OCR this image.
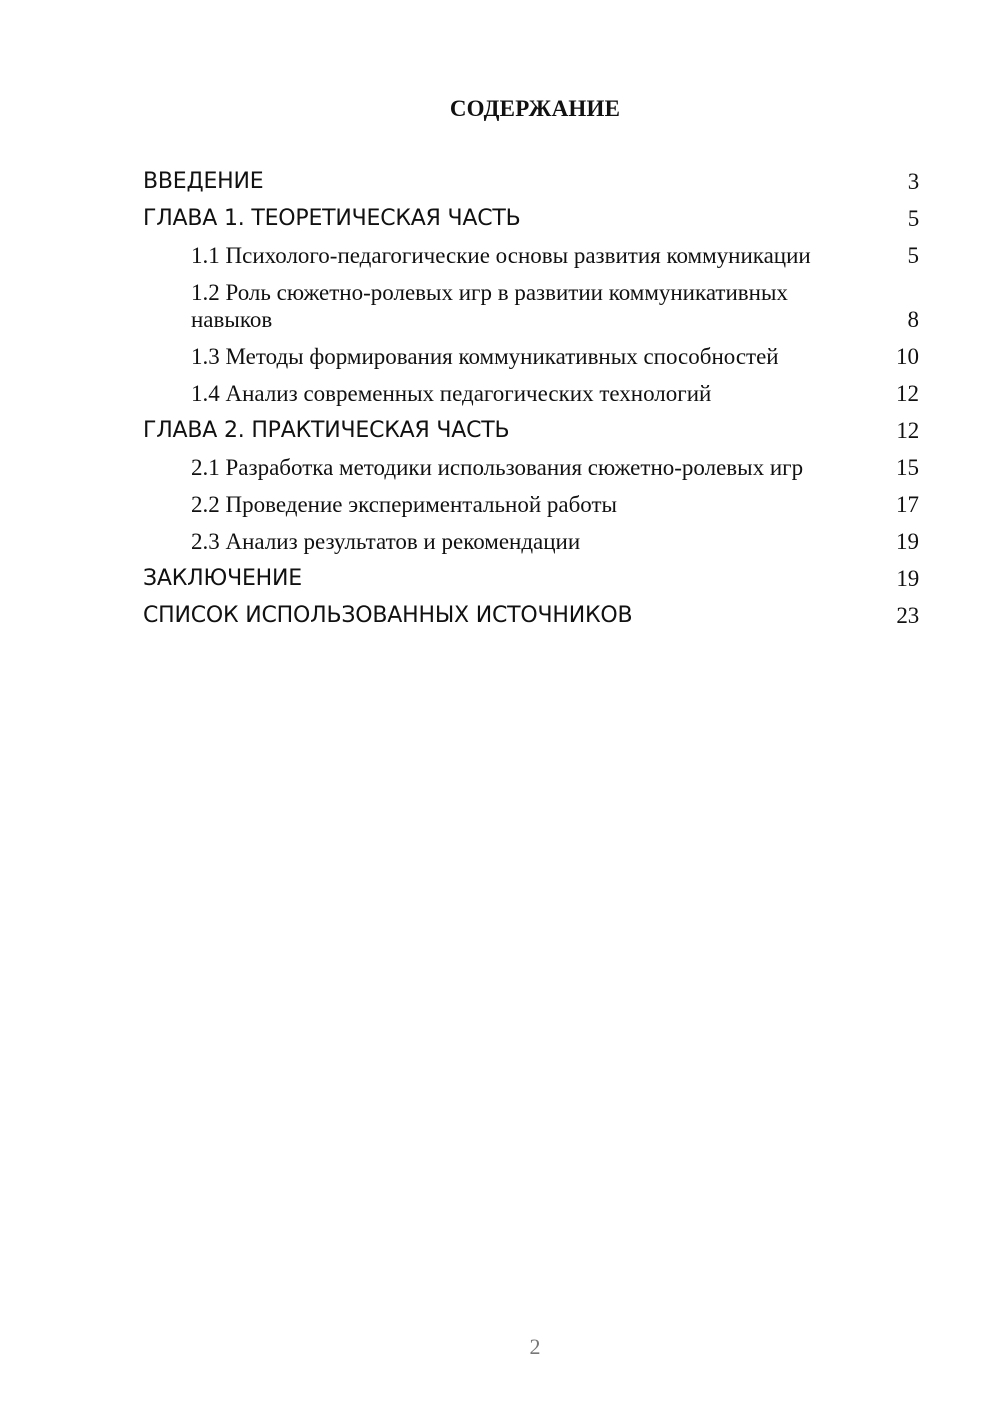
СОДЕРЖАНИЕ
ВВЕДЕНИЕ	3
ГЛАВА 1. ТЕОРЕТИЧЕСКАЯ ЧАСТЬ	5
1.1 Психолого-педагогические основы развития коммуникации	5
1.2 Роль сюжетно-ролевых игр в развитии коммуникативных навыков	8
1.3 Методы формирования коммуникативных способностей	10
1.4 Анализ современных педагогических технологий	12
ГЛАВА 2. ПРАКТИЧЕСКАЯ ЧАСТЬ	12
2.1 Разработка методики использования сюжетно-ролевых игр	15
2.2 Проведение экспериментальной работы	17
2.3 Анализ результатов и рекомендации	19
ЗАКЛЮЧЕНИЕ	19
СПИСОК ИСПОЛЬЗОВАННЫХ ИСТОЧНИКОВ	23
2
